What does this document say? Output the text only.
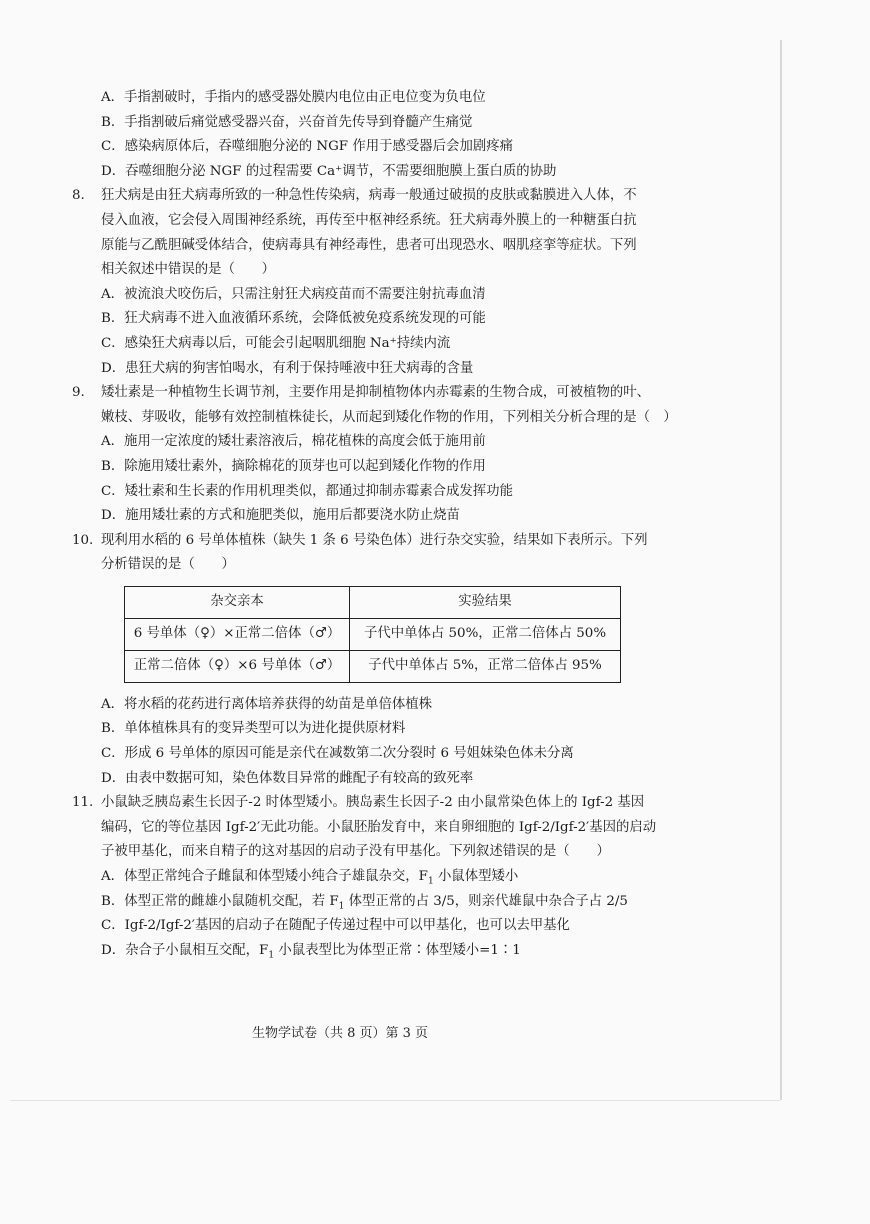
A．手指割破时，手指内的感受器处膜内电位由正电位变为负电位
B．手指割破后痛觉感受器兴奋，兴奋首先传导到脊髓产生痛觉
C．感染病原体后，吞噬细胞分泌的 NGF 作用于感受器后会加剧疼痛
D．吞噬细胞分泌 NGF 的过程需要 Ca⁺调节，不需要细胞膜上蛋白质的协助
8.	狂犬病是由狂犬病毒所致的一种急性传染病，病毒一般通过破损的皮肤或黏膜进入人体，不
侵入血液，它会侵入周围神经系统，再传至中枢神经系统。狂犬病毒外膜上的一种糖蛋白抗
原能与乙酰胆碱受体结合，使病毒具有神经毒性，患者可出现恐水、咽肌痉挛等症状。下列
相关叙述中错误的是（　　）
A．被流浪犬咬伤后，只需注射狂犬病疫苗而不需要注射抗毒血清
B．狂犬病毒不进入血液循环系统，会降低被免疫系统发现的可能
C．感染狂犬病毒以后，可能会引起咽肌细胞 Na⁺持续内流
D．患狂犬病的狗害怕喝水，有利于保持唾液中狂犬病毒的含量
9.	矮壮素是一种植物生长调节剂，主要作用是抑制植物体内赤霉素的生物合成，可被植物的叶、
嫩枝、芽吸收，能够有效控制植株徒长，从而起到矮化作物的作用，下列相关分析合理的是（　）
A．施用一定浓度的矮壮素溶液后，棉花植株的高度会低于施用前
B．除施用矮壮素外，摘除棉花的顶芽也可以起到矮化作物的作用
C．矮壮素和生长素的作用机理类似，都通过抑制赤霉素合成发挥功能
D．施用矮壮素的方式和施肥类似，施用后都要浇水防止烧苗
10. 现利用水稻的 6 号单体植株（缺失 1 条 6 号染色体）进行杂交实验，结果如下表所示。下列
分析错误的是（　　）
杂交亲本	实验结果
6 号单体（♀）×正常二倍体（♂）	子代中单体占 50%，正常二倍体占 50%
正常二倍体（♀）×6 号单体（♂）	子代中单体占 5%，正常二倍体占 95%
A．将水稻的花药进行离体培养获得的幼苗是单倍体植株
B．单体植株具有的变异类型可以为进化提供原材料
C．形成 6 号单体的原因可能是亲代在减数第二次分裂时 6 号姐妹染色体未分离
D．由表中数据可知，染色体数目异常的雌配子有较高的致死率
11. 小鼠缺乏胰岛素生长因子-2 时体型矮小。胰岛素生长因子-2 由小鼠常染色体上的 Igf-2 基因
编码，它的等位基因 Igf-2′无此功能。小鼠胚胎发育中，来自卵细胞的 Igf-2/Igf-2′基因的启动
子被甲基化，而来自精子的这对基因的启动子没有甲基化。下列叙述错误的是（　　）
A．体型正常纯合子雌鼠和体型矮小纯合子雄鼠杂交，$F_1$ 小鼠体型矮小
B．体型正常的雌雄小鼠随机交配，若 $F_1$ 体型正常的占 3/5，则亲代雄鼠中杂合子占 2/5
C．Igf-2/Igf-2′基因的启动子在随配子传递过程中可以甲基化，也可以去甲基化
D．杂合子小鼠相互交配，$F_1$ 小鼠表型比为体型正常∶体型矮小=1∶1
生物学试卷（共 8 页）第 3 页
